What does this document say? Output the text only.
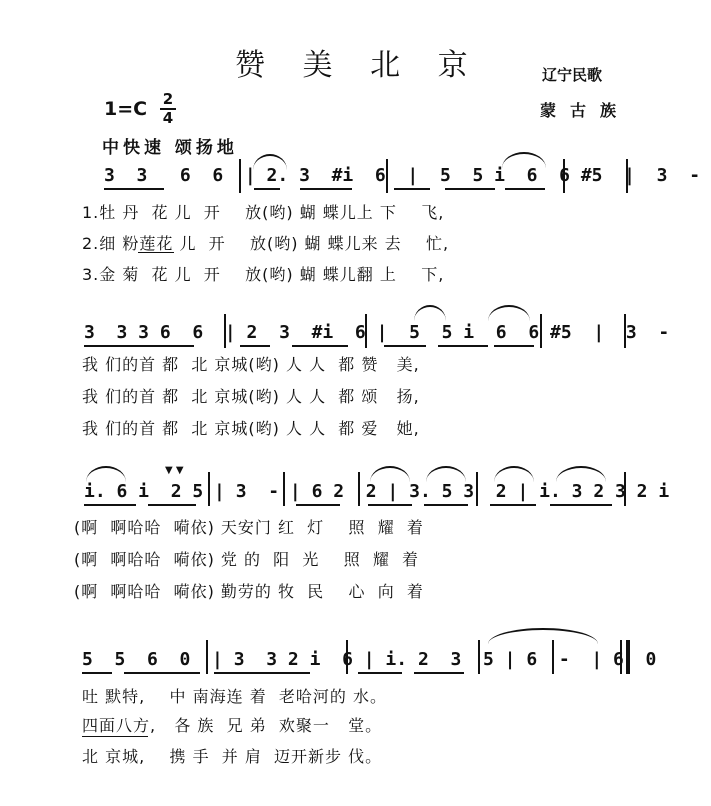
赞 美 北 京	辽宁民歌
蒙古族
1=C	2
4
中快速 颂扬地
3  3   6  6  | 2. 3  #i  6  |  5  5 i  6  6 #5  |  3  -
1.牡 丹  花 儿  开    放(哟) 蝴 蝶儿上 下    飞,
2.细 粉莲花 儿  开    放(哟) 蝴 蝶儿来 去    忙,
3.金 菊  花 儿  开    放(哟) 蝴 蝶儿翻 上    下,
3  3 3 6  6  | 2  3  #i  6 |  5  5 i  6  6 #5  |  3  -
我 们的首 都  北 京城(哟) 人 人  都 赞   美,
我 们的首 都  北 京城(哟) 人 人  都 颂   扬,
我 们的首 都  北 京城(哟) 人 人  都 爱   她,
i. 6 i  2 5 | 3  - | 6 2  2 | 3. 5 3  2 | i. 3 2 3 2 i
▼ ▼
(啊  啊哈哈  嗬依) 天安门 红  灯    照  耀  着
(啊  啊哈哈  嗬依) 党 的  阳  光    照  耀  着
(啊  啊哈哈  嗬依) 勤劳的 牧  民    心  向  着
5  5  6  0  | 3  3 2 i  6 | i. 2  3  5 | 6  -  | 6  0
吐 默特,    中 南海连 着  老哈河的 水。
四面八方,   各 族  兄 弟  欢聚一   堂。
北 京城,    携 手  并 肩  迈开新步 伐。
